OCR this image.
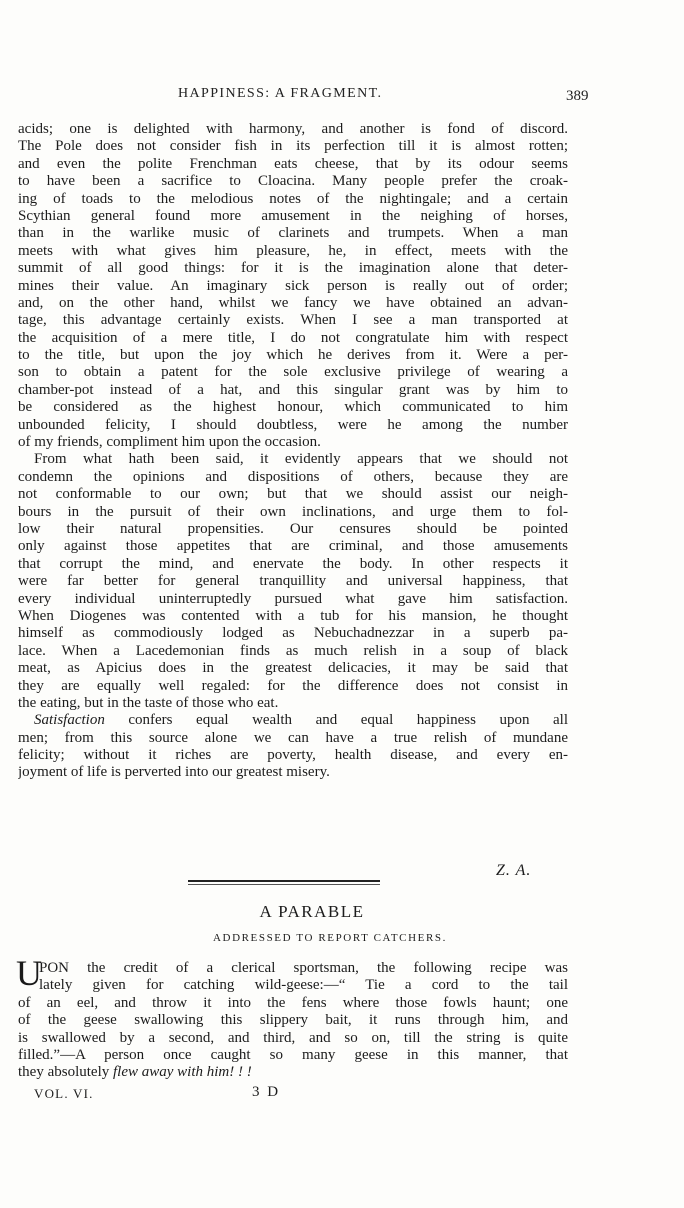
HAPPINESS: A FRAGMENT.	389
acids; one is delighted with harmony, and another is fond of discord.
The Pole does not consider fish in its perfection till it is almost rotten;
and even the polite Frenchman eats cheese, that by its odour seems
to have been a sacrifice to Cloacina. Many people prefer the croak-
ing of toads to the melodious notes of the nightingale; and a certain
Scythian general found more amusement in the neighing of horses,
than in the warlike music of clarinets and trumpets. When a man
meets with what gives him pleasure, he, in effect, meets with the
summit of all good things: for it is the imagination alone that deter-
mines their value. An imaginary sick person is really out of order;
and, on the other hand, whilst we fancy we have obtained an advan-
tage, this advantage certainly exists. When I see a man transported at
the acquisition of a mere title, I do not congratulate him with respect
to the title, but upon the joy which he derives from it. Were a per-
son to obtain a patent for the sole exclusive privilege of wearing a
chamber-pot instead of a hat, and this singular grant was by him to
be considered as the highest honour, which communicated to him
unbounded felicity, I should doubtless, were he among the number
of my friends, compliment him upon the occasion.
From what hath been said, it evidently appears that we should not
condemn the opinions and dispositions of others, because they are
not conformable to our own; but that we should assist our neigh-
bours in the pursuit of their own inclinations, and urge them to fol-
low their natural propensities. Our censures should be pointed
only against those appetites that are criminal, and those amusements
that corrupt the mind, and enervate the body. In other respects it
were far better for general tranquillity and universal happiness, that
every individual uninterruptedly pursued what gave him satisfaction.
When Diogenes was contented with a tub for his mansion, he thought
himself as commodiously lodged as Nebuchadnezzar in a superb pa-
lace. When a Lacedemonian finds as much relish in a soup of black
meat, as Apicius does in the greatest delicacies, it may be said that
they are equally well regaled: for the difference does not consist in
the eating, but in the taste of those who eat.
Satisfaction confers equal wealth and equal happiness upon all
men; from this source alone we can have a true relish of mundane
felicity; without it riches are poverty, health disease, and every en-
joyment of life is perverted into our greatest misery.
Z. A.
A PARABLE
ADDRESSED TO REPORT CATCHERS.
U
PON the credit of a clerical sportsman, the following recipe was
lately given for catching wild-geese:—“ Tie a cord to the tail
of an eel, and throw it into the fens where those fowls haunt; one
of the geese swallowing this slippery bait, it runs through him, and
is swallowed by a second, and third, and so on, till the string is quite
filled.”—A person once caught so many geese in this manner, that
they absolutely flew away with him! ! !
VOL. VI.	3 D
